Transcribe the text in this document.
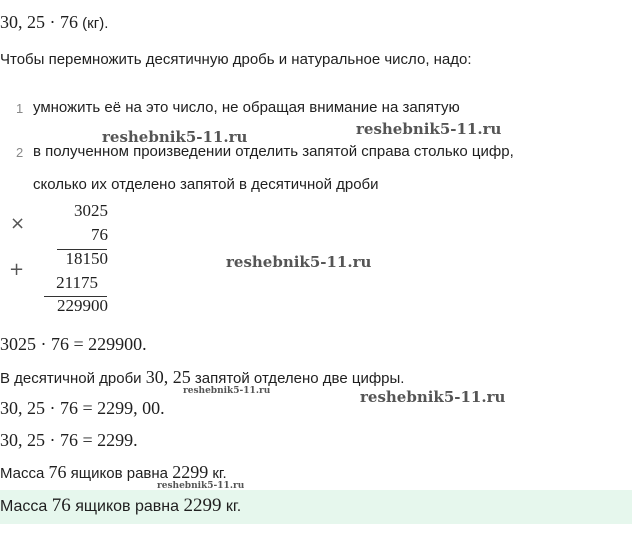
30, 25 · 76 (кг).
Чтобы перемножить десятичную дробь и натуральное число, надо:
1 умножить её на это число, не обращая внимание на запятую
2 в полученном произведении отделить запятой справа столько цифр,
сколько их отделено запятой в десятичной дроби
×
3025
76
18150
+
21175
229900
3025 · 76 = 229900.
В десятичной дроби 30, 25 запятой отделено две цифры.
30, 25 · 76 = 2299, 00.
30, 25 · 76 = 2299.
Масса 76 ящиков равна 2299 кг.
Масса 76 ящиков равна 2299 кг.
reshebnik5-11.ru	reshebnik5-11.ru
reshebnik5-11.ru
reshebnik5-11.ru
reshebnik5-11.ru
reshebnik5-11.ru
